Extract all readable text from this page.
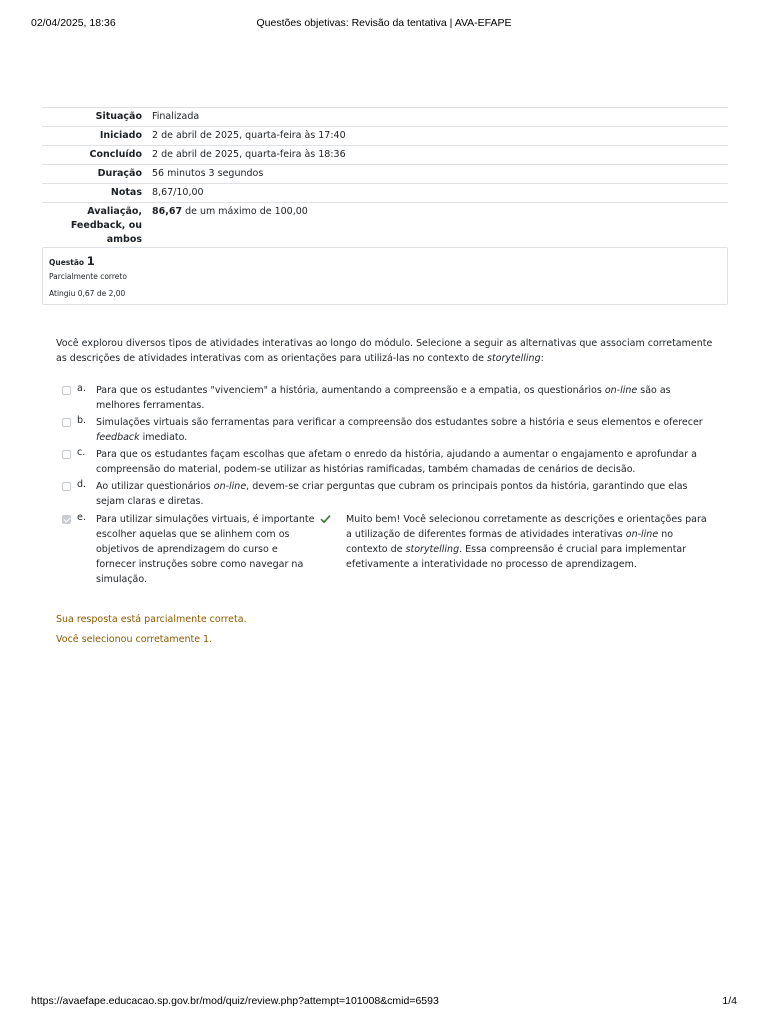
02/04/2025, 18:36	Questões objetivas: Revisão da tentativa | AVA-EFAPE
Situação	Finalizada
Iniciado	2 de abril de 2025, quarta-feira às 17:40
Concluído	2 de abril de 2025, quarta-feira às 18:36
Duração	56 minutos 3 segundos
Notas	8,67/10,00
Avaliação, Feedback, ou ambos	86,67 de um máximo de 100,00
Questão 1
Parcialmente correto
Atingiu 0,67 de 2,00
Você explorou diversos tipos de atividades interativas ao longo do módulo. Selecione a seguir as alternativas que associam corretamente as descrições de atividades interativas com as orientações para utilizá-las no contexto de storytelling:
a. Para que os estudantes "vivenciem" a história, aumentando a compreensão e a empatia, os questionários on-line são as melhores ferramentas.
b. Simulações virtuais são ferramentas para verificar a compreensão dos estudantes sobre a história e seus elementos e oferecer feedback imediato.
c. Para que os estudantes façam escolhas que afetam o enredo da história, ajudando a aumentar o engajamento e aprofundar a compreensão do material, podem-se utilizar as histórias ramificadas, também chamadas de cenários de decisão.
d. Ao utilizar questionários on-line, devem-se criar perguntas que cubram os principais pontos da história, garantindo que elas sejam claras e diretas.
e. Para utilizar simulações virtuais, é importante escolher aquelas que se alinhem com os objetivos de aprendizagem do curso e fornecer instruções sobre como navegar na simulação.
Muito bem! Você selecionou corretamente as descrições e orientações para a utilização de diferentes formas de atividades interativas on-line no contexto de storytelling. Essa compreensão é crucial para implementar efetivamente a interatividade no processo de aprendizagem.
Sua resposta está parcialmente correta.
Você selecionou corretamente 1.
https://avaefape.educacao.sp.gov.br/mod/quiz/review.php?attempt=101008&cmid=6593	1/4
